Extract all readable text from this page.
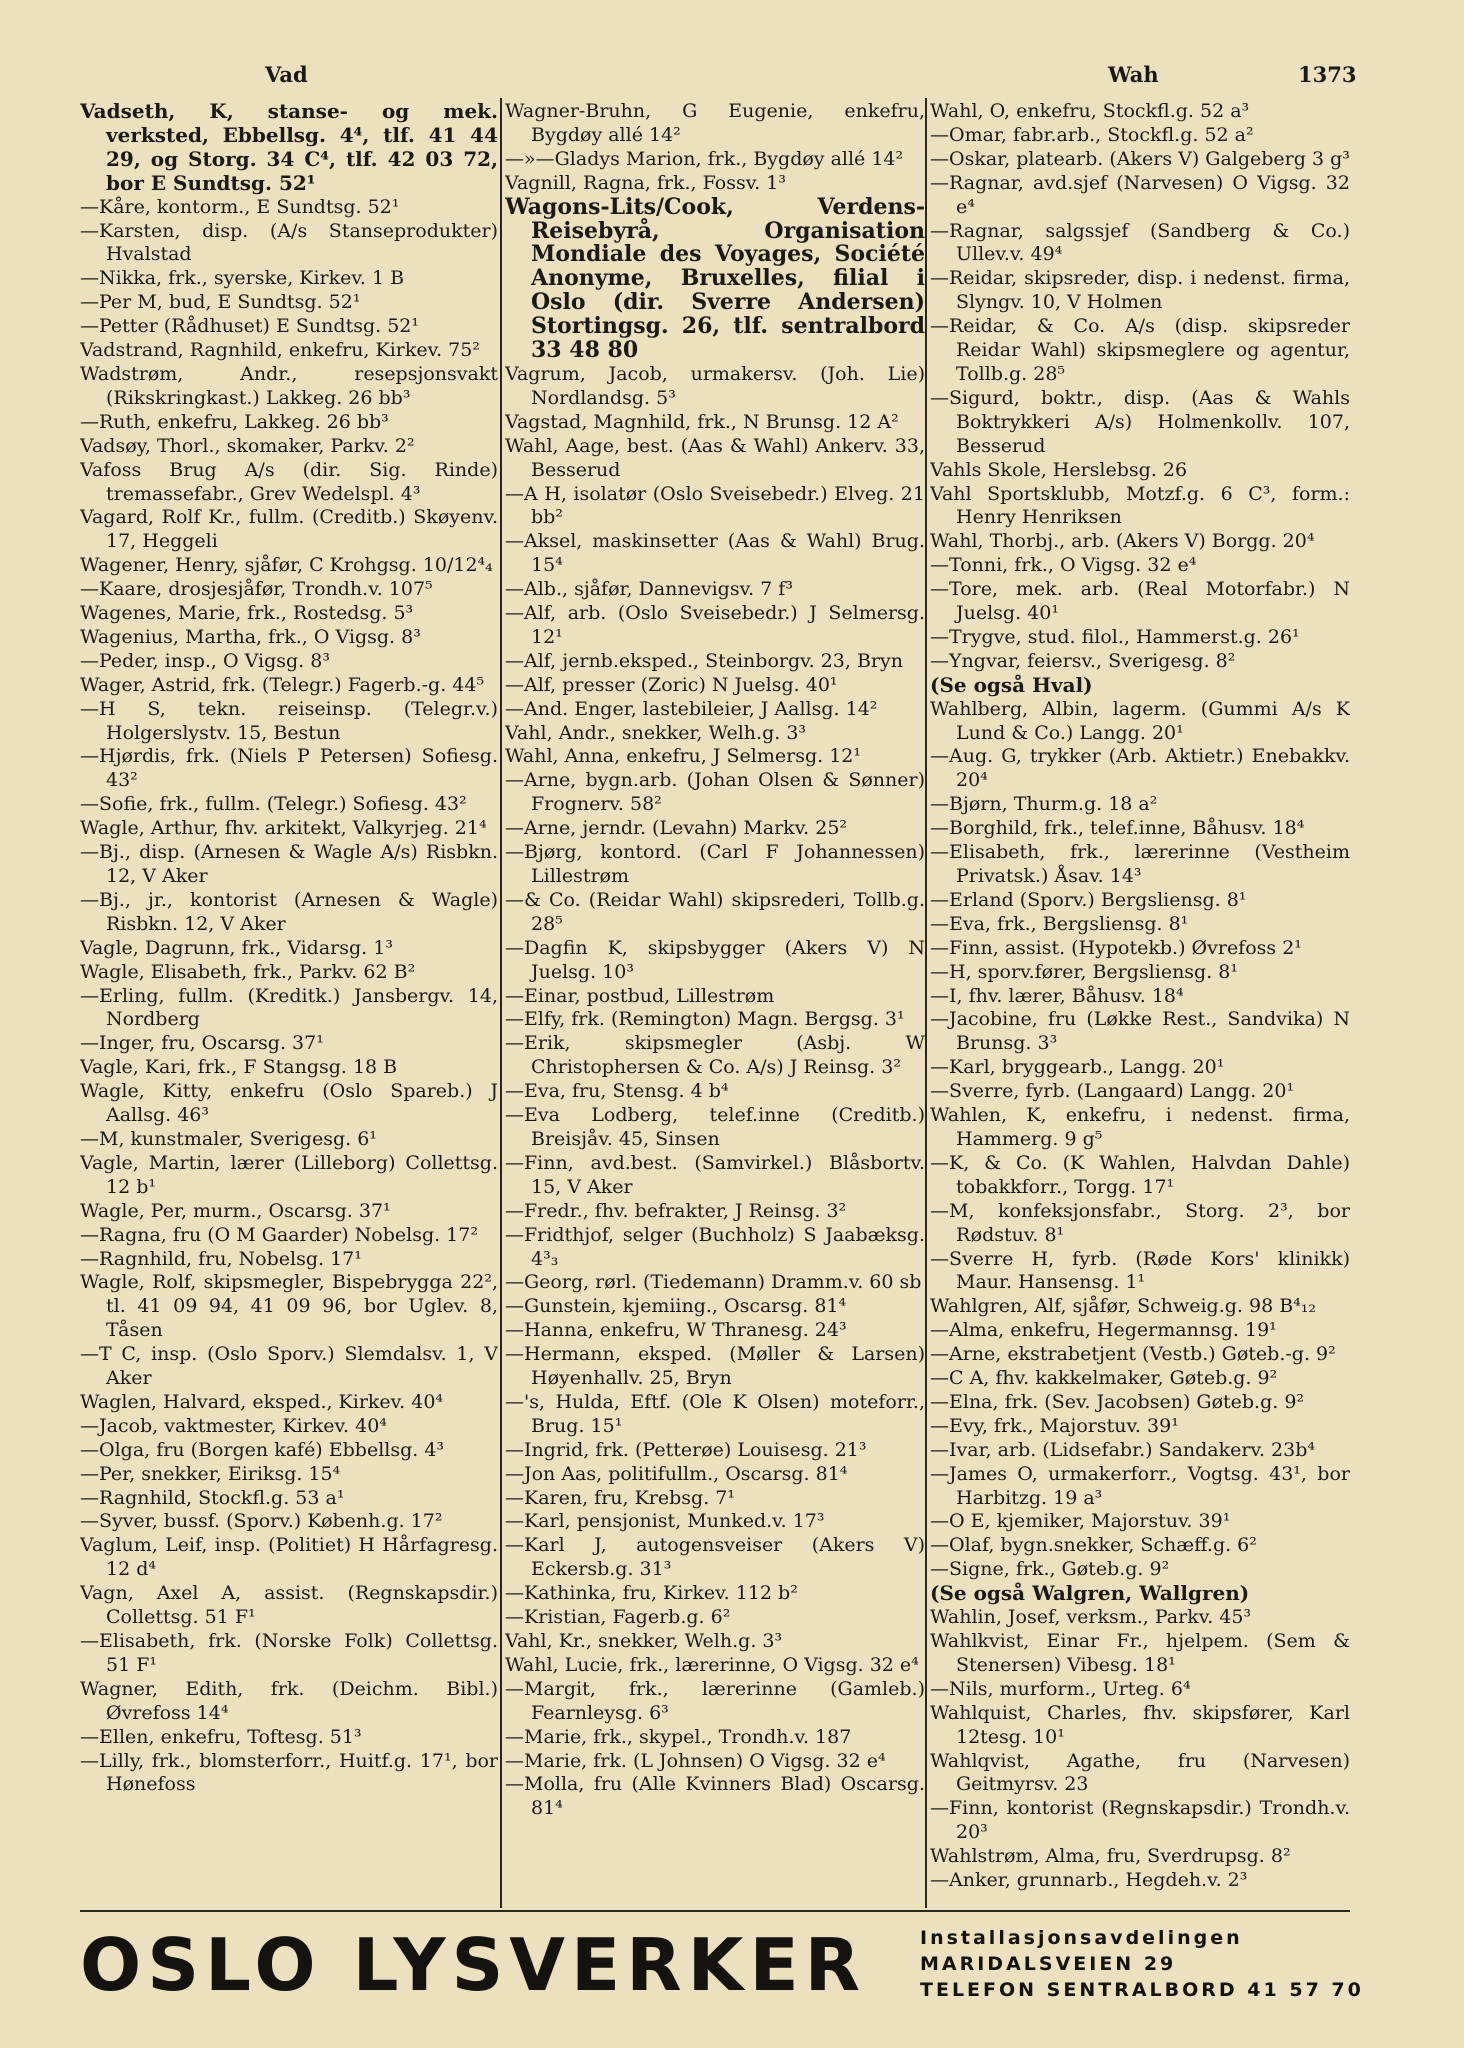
Vad	Wah	1373
Vadseth, K, stanse- og mek. verksted, Ebbellsg. 4⁴, tlf. 41 44 29, og Storg. 34 C⁴, tlf. 42 03 72, bor E Sundtsg. 52¹
—Kåre, kontorm., E Sundtsg. 52¹
—Karsten, disp. (A/s Stanseprodukter) Hvalstad
—Nikka, frk., syerske, Kirkev. 1 B
—Per M, bud, E Sundtsg. 52¹
—Petter (Rådhuset) E Sundtsg. 52¹
Vadstrand, Ragnhild, enkefru, Kirkev. 75²
Wadstrøm, Andr., resepsjonsvakt (Rikskringkast.) Lakkeg. 26 bb³
—Ruth, enkefru, Lakkeg. 26 bb³
Vadsøy, Thorl., skomaker, Parkv. 2²
Vafoss Brug A/s (dir. Sig. Rinde) tremassefabr., Grev Wedelspl. 4³
Vagard, Rolf Kr., fullm. (Creditb.) Skøyenv. 17, Heggeli
Wagener, Henry, sjåfør, C Krohgsg. 10/12⁴₄
—Kaare, drosjesjåfør, Trondh.v. 107⁵
Wagenes, Marie, frk., Rostedsg. 5³
Wagenius, Martha, frk., O Vigsg. 8³
—Peder, insp., O Vigsg. 8³
Wager, Astrid, frk. (Telegr.) Fagerb.-g. 44⁵
—H S, tekn. reiseinsp. (Telegr.v.) Holgerslystv. 15, Bestun
—Hjørdis, frk. (Niels P Petersen) Sofiesg. 43²
—Sofie, frk., fullm. (Telegr.) Sofiesg. 43²
Wagle, Arthur, fhv. arkitekt, Valkyrjeg. 21⁴
—Bj., disp. (Arnesen & Wagle A/s) Risbkn. 12, V Aker
—Bj., jr., kontorist (Arnesen & Wagle) Risbkn. 12, V Aker
Vagle, Dagrunn, frk., Vidarsg. 1³
Wagle, Elisabeth, frk., Parkv. 62 B²
—Erling, fullm. (Kreditk.) Jansbergv. 14, Nordberg
—Inger, fru, Oscarsg. 37¹
Vagle, Kari, frk., F Stangsg. 18 B
Wagle, Kitty, enkefru (Oslo Spareb.) J Aallsg. 46³
—M, kunstmaler, Sverigesg. 6¹
Vagle, Martin, lærer (Lilleborg) Collettsg. 12 b¹
Wagle, Per, murm., Oscarsg. 37¹
—Ragna, fru (O M Gaarder) Nobelsg. 17²
—Ragnhild, fru, Nobelsg. 17¹
Wagle, Rolf, skipsmegler, Bispebrygga 22², tl. 41 09 94, 41 09 96, bor Uglev. 8, Tåsen
—T C, insp. (Oslo Sporv.) Slemdalsv. 1, V Aker
Waglen, Halvard, eksped., Kirkev. 40⁴
—Jacob, vaktmester, Kirkev. 40⁴
—Olga, fru (Borgen kafé) Ebbellsg. 4³
—Per, snekker, Eiriksg. 15⁴
—Ragnhild, Stockfl.g. 53 a¹
—Syver, bussf. (Sporv.) Københ.g. 17²
Vaglum, Leif, insp. (Politiet) H Hårfagresg. 12 d⁴
Vagn, Axel A, assist. (Regnskapsdir.) Collettsg. 51 F¹
—Elisabeth, frk. (Norske Folk) Collettsg. 51 F¹
Wagner, Edith, frk. (Deichm. Bibl.) Øvrefoss 14⁴
—Ellen, enkefru, Toftesg. 51³
—Lilly, frk., blomsterforr., Huitf.g. 17¹, bor Hønefoss
Wagner-Bruhn, G Eugenie, enkefru, Bygdøy allé 14²
—»—Gladys Marion, frk., Bygdøy allé 14²
Vagnill, Ragna, frk., Fossv. 1³
Wagons-Lits/Cook, Verdens-Reisebyrå, Organisation Mondiale des Voyages, Société Anonyme, Bruxelles, filial i Oslo (dir. Sverre Andersen) Stortingsg. 26, tlf. sentralbord 33 48 80
Vagrum, Jacob, urmakersv. (Joh. Lie) Nordlandsg. 5³
Vagstad, Magnhild, frk., N Brunsg. 12 A²
Wahl, Aage, best. (Aas & Wahl) Ankerv. 33, Besserud
—A H, isolatør (Oslo Sveisebedr.) Elveg. 21 bb²
—Aksel, maskinsetter (Aas & Wahl) Brug. 15⁴
—Alb., sjåfør, Dannevigsv. 7 f³
—Alf, arb. (Oslo Sveisebedr.) J Selmersg. 12¹
—Alf, jernb.eksped., Steinborgv. 23, Bryn
—Alf, presser (Zoric) N Juelsg. 40¹
—And. Enger, lastebileier, J Aallsg. 14²
Vahl, Andr., snekker, Welh.g. 3³
Wahl, Anna, enkefru, J Selmersg. 12¹
—Arne, bygn.arb. (Johan Olsen & Sønner) Frognerv. 58²
—Arne, jerndr. (Levahn) Markv. 25²
—Bjørg, kontord. (Carl F Johannessen) Lillestrøm
—& Co. (Reidar Wahl) skipsrederi, Tollb.g. 28⁵
—Dagfin K, skipsbygger (Akers V) N Juelsg. 10³
—Einar, postbud, Lillestrøm
—Elfy, frk. (Remington) Magn. Bergsg. 3¹
—Erik, skipsmegler (Asbj. W Christophersen & Co. A/s) J Reinsg. 3²
—Eva, fru, Stensg. 4 b⁴
—Eva Lodberg, telef.inne (Creditb.) Breisjåv. 45, Sinsen
—Finn, avd.best. (Samvirkel.) Blåsbortv. 15, V Aker
—Fredr., fhv. befrakter, J Reinsg. 3²
—Fridthjof, selger (Buchholz) S Jaabæksg. 4³₃
—Georg, rørl. (Tiedemann) Dramm.v. 60 sb
—Gunstein, kjemiing., Oscarsg. 81⁴
—Hanna, enkefru, W Thranesg. 24³
—Hermann, eksped. (Møller & Larsen) Høyenhallv. 25, Bryn
—'s, Hulda, Eftf. (Ole K Olsen) moteforr., Brug. 15¹
—Ingrid, frk. (Petterøe) Louisesg. 21³
—Jon Aas, politifullm., Oscarsg. 81⁴
—Karen, fru, Krebsg. 7¹
—Karl, pensjonist, Munked.v. 17³
—Karl J, autogensveiser (Akers V) Eckersb.g. 31³
—Kathinka, fru, Kirkev. 112 b²
—Kristian, Fagerb.g. 6²
Vahl, Kr., snekker, Welh.g. 3³
Wahl, Lucie, frk., lærerinne, O Vigsg. 32 e⁴
—Margit, frk., lærerinne (Gamleb.) Fearnleysg. 6³
—Marie, frk., skypel., Trondh.v. 187
—Marie, frk. (L Johnsen) O Vigsg. 32 e⁴
—Molla, fru (Alle Kvinners Blad) Oscarsg. 81⁴
Wahl, O, enkefru, Stockfl.g. 52 a³
—Omar, fabr.arb., Stockfl.g. 52 a²
—Oskar, platearb. (Akers V) Galgeberg 3 g³
—Ragnar, avd.sjef (Narvesen) O Vigsg. 32 e⁴
—Ragnar, salgssjef (Sandberg & Co.) Ullev.v. 49⁴
—Reidar, skipsreder, disp. i nedenst. firma, Slyngv. 10, V Holmen
—Reidar, & Co. A/s (disp. skipsreder Reidar Wahl) skipsmeglere og agentur, Tollb.g. 28⁵
—Sigurd, boktr., disp. (Aas & Wahls Boktrykkeri A/s) Holmenkollv. 107, Besserud
Vahls Skole, Herslebsg. 26
Vahl Sportsklubb, Motzf.g. 6 C³, form.: Henry Henriksen
Wahl, Thorbj., arb. (Akers V) Borgg. 20⁴
—Tonni, frk., O Vigsg. 32 e⁴
—Tore, mek. arb. (Real Motorfabr.) N Juelsg. 40¹
—Trygve, stud. filol., Hammerst.g. 26¹
—Yngvar, feiersv., Sverigesg. 8²
(Se også Hval)
Wahlberg, Albin, lagerm. (Gummi A/s K Lund & Co.) Langg. 20¹
—Aug. G, trykker (Arb. Aktietr.) Enebakkv. 20⁴
—Bjørn, Thurm.g. 18 a²
—Borghild, frk., telef.inne, Båhusv. 18⁴
—Elisabeth, frk., lærerinne (Vestheim Privatsk.) Åsav. 14³
—Erland (Sporv.) Bergsliensg. 8¹
—Eva, frk., Bergsliensg. 8¹
—Finn, assist. (Hypotekb.) Øvrefoss 2¹
—H, sporv.fører, Bergsliensg. 8¹
—I, fhv. lærer, Båhusv. 18⁴
—Jacobine, fru (Løkke Rest., Sandvika) N Brunsg. 3³
—Karl, bryggearb., Langg. 20¹
—Sverre, fyrb. (Langaard) Langg. 20¹
Wahlen, K, enkefru, i nedenst. firma, Hammerg. 9 g⁵
—K, & Co. (K Wahlen, Halvdan Dahle) tobakkforr., Torgg. 17¹
—M, konfeksjonsfabr., Storg. 2³, bor Rødstuv. 8¹
—Sverre H, fyrb. (Røde Kors' klinikk) Maur. Hansensg. 1¹
Wahlgren, Alf, sjåfør, Schweig.g. 98 B⁴₁₂
—Alma, enkefru, Hegermannsg. 19¹
—Arne, ekstrabetjent (Vestb.) Gøteb.-g. 9²
—C A, fhv. kakkelmaker, Gøteb.g. 9²
—Elna, frk. (Sev. Jacobsen) Gøteb.g. 9²
—Evy, frk., Majorstuv. 39¹
—Ivar, arb. (Lidsefabr.) Sandakerv. 23b⁴
—James O, urmakerforr., Vogtsg. 43¹, bor Harbitzg. 19 a³
—O E, kjemiker, Majorstuv. 39¹
—Olaf, bygn.snekker, Schæff.g. 6²
—Signe, frk., Gøteb.g. 9²
(Se også Walgren, Wallgren)
Wahlin, Josef, verksm., Parkv. 45³
Wahlkvist, Einar Fr., hjelpem. (Sem & Stenersen) Vibesg. 18¹
—Nils, murform., Urteg. 6⁴
Wahlquist, Charles, fhv. skipsfører, Karl 12tesg. 10¹
Wahlqvist, Agathe, fru (Narvesen) Geitmyrsv. 23
—Finn, kontorist (Regnskapsdir.) Trondh.v. 20³
Wahlstrøm, Alma, fru, Sverdrupsg. 8²
—Anker, grunnarb., Hegdeh.v. 2³
OSLO LYSVERKER	Installasjonsavdelingen
MARIDALSVEIEN 29
TELEFON SENTRALBORD 41 57 70
